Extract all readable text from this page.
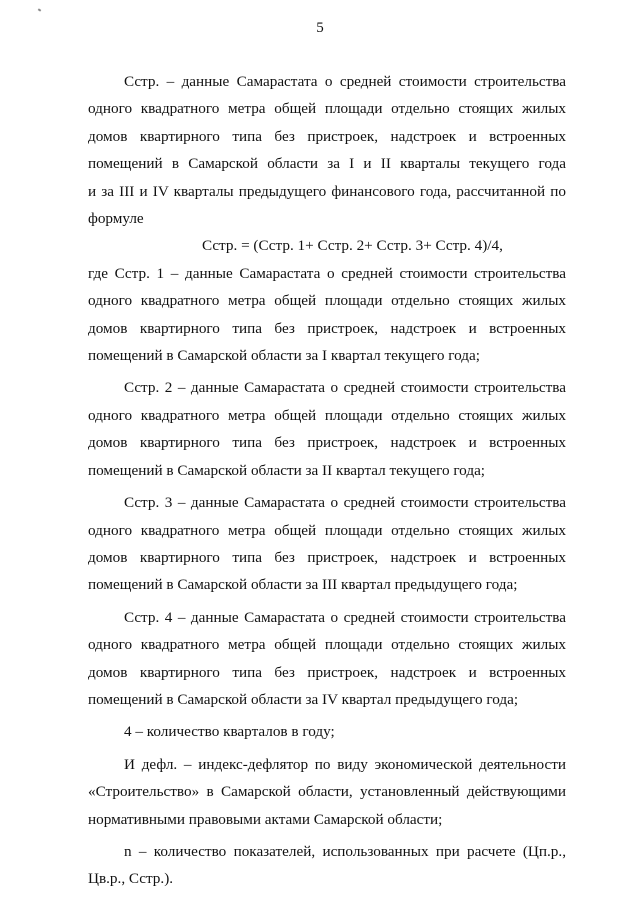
5
Сстр. – данные Самарастата о средней стоимости строительства
одного квадратного метра общей площади отдельно стоящих жилых
домов квартирного типа без пристроек, надстроек и встроенных
помещений в Самарской области за I и II кварталы текущего года
и за III и IV кварталы предыдущего финансового года, рассчитанной по
формуле
Сстр. = (Сстр. 1+ Сстр. 2+ Сстр. 3+ Сстр. 4)/4,
где Сстр. 1 – данные Самарастата о средней стоимости строительства
одного квадратного метра общей площади отдельно стоящих жилых
домов квартирного типа без пристроек, надстроек и встроенных
помещений в Самарской области за I квартал текущего года;
Сстр. 2 – данные Самарастата о средней стоимости строительства
одного квадратного метра общей площади отдельно стоящих жилых
домов квартирного типа без пристроек, надстроек и встроенных
помещений в Самарской области за II квартал текущего года;
Сстр. 3 – данные Самарастата о средней стоимости строительства
одного квадратного метра общей площади отдельно стоящих жилых
домов квартирного типа без пристроек, надстроек и встроенных
помещений в Самарской области за III квартал предыдущего года;
Сстр. 4 – данные Самарастата о средней стоимости строительства
одного квадратного метра общей площади отдельно стоящих жилых
домов квартирного типа без пристроек, надстроек и встроенных
помещений в Самарской области за IV квартал предыдущего года;
4 – количество кварталов в году;
И дефл. – индекс-дефлятор по виду экономической деятельности
«Строительство» в Самарской области, установленный действующими
нормативными правовыми актами Самарской области;
n – количество показателей, использованных при расчете (Цп.р.,
Цв.р., Сстр.).
